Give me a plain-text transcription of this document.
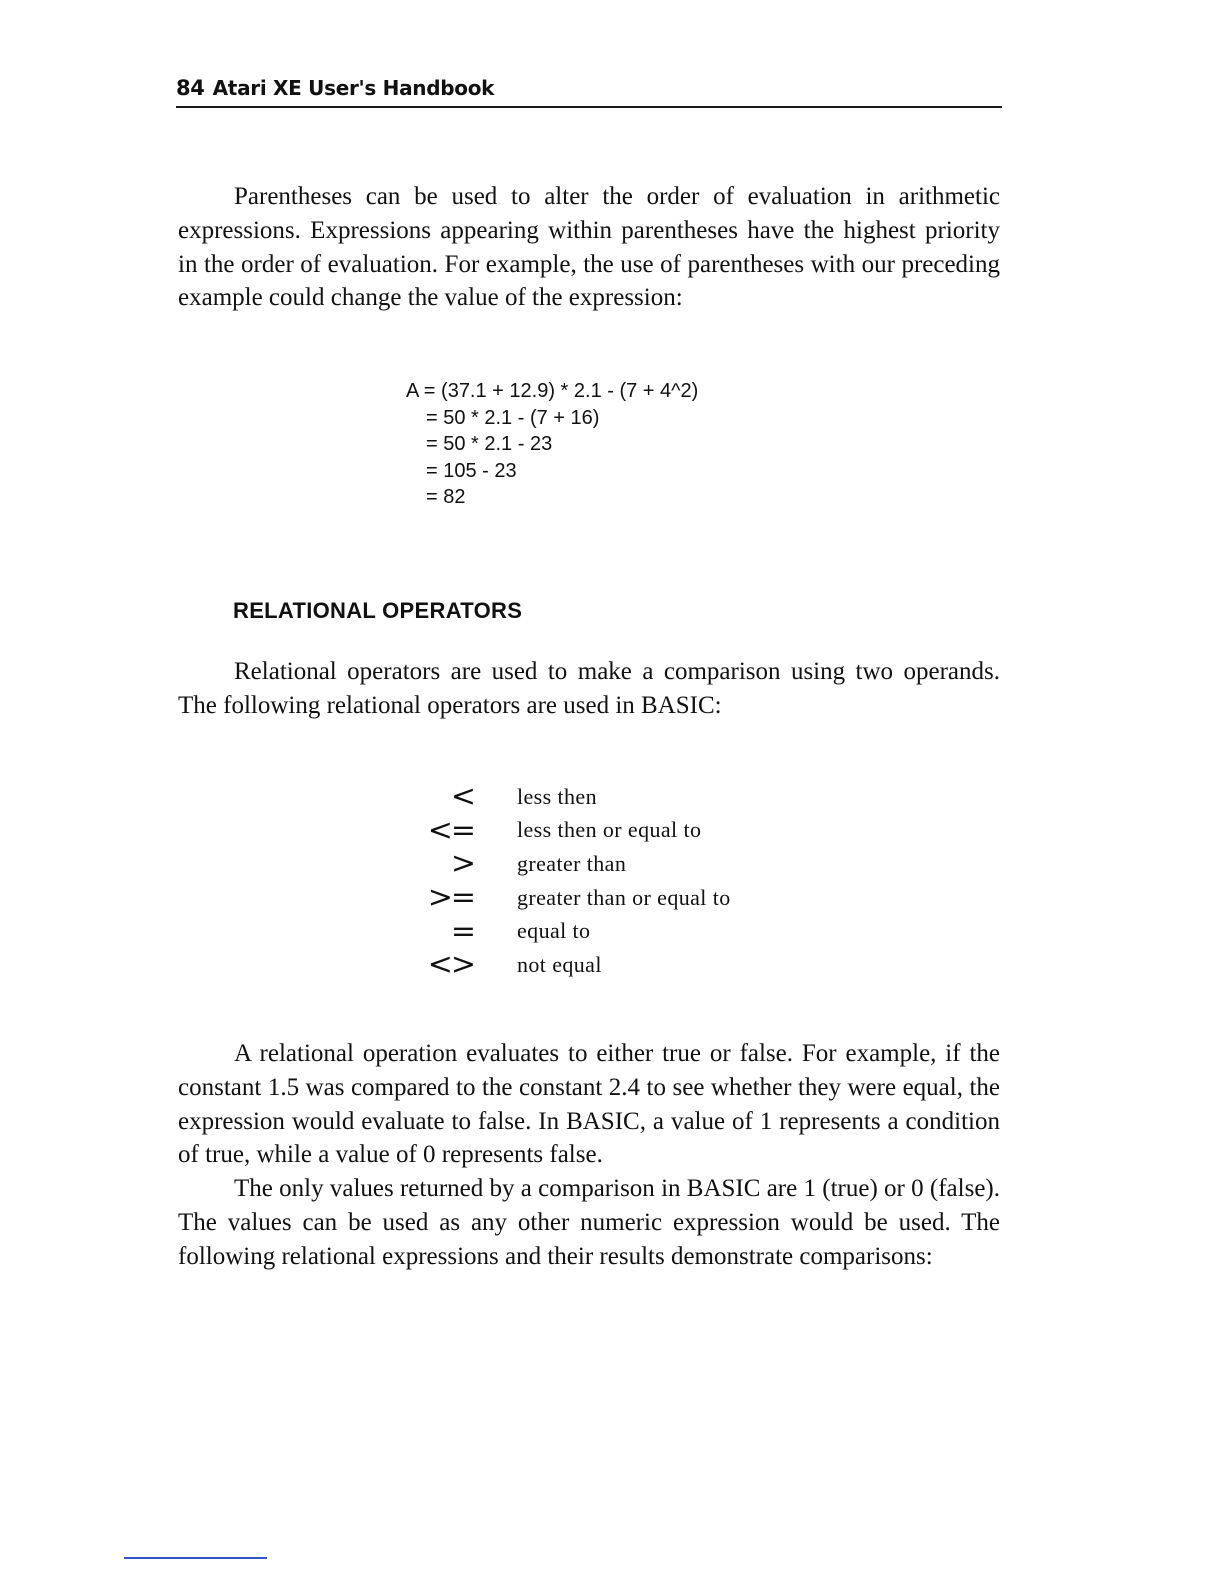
84 Atari XE User's Handbook

Parentheses can be used to alter the order of evaluation in arithmetic expressions. Expressions appearing within parentheses have the highest priority in the order of evaluation. For example, the use of parentheses with our preceding example could change the value of the expression:

A = (37.1 + 12.9) * 2.1 - (7 + 4^2)
= 50 * 2.1 - (7 + 16)
= 50 * 2.1 - 23
= 105 - 23
= 82
RELATIONAL OPERATORS

Relational operators are used to make a comparison using two operands. The following relational operators are used in BASIC:

< less then
<= less then or equal to
> greater than
>= greater than or equal to
= equal to
<> not equal

A relational operation evaluates to either true or false. For example, if the constant 1.5 was compared to the constant 2.4 to see whether they were equal, the expression would evaluate to false. In BASIC, a value of 1 represents a condition of true, while a value of 0 represents false.

The only values returned by a comparison in BASIC are 1 (true) or 0 (false). The values can be used as any other numeric expression would be used. The following relational expressions and their results demonstrate comparisons:
